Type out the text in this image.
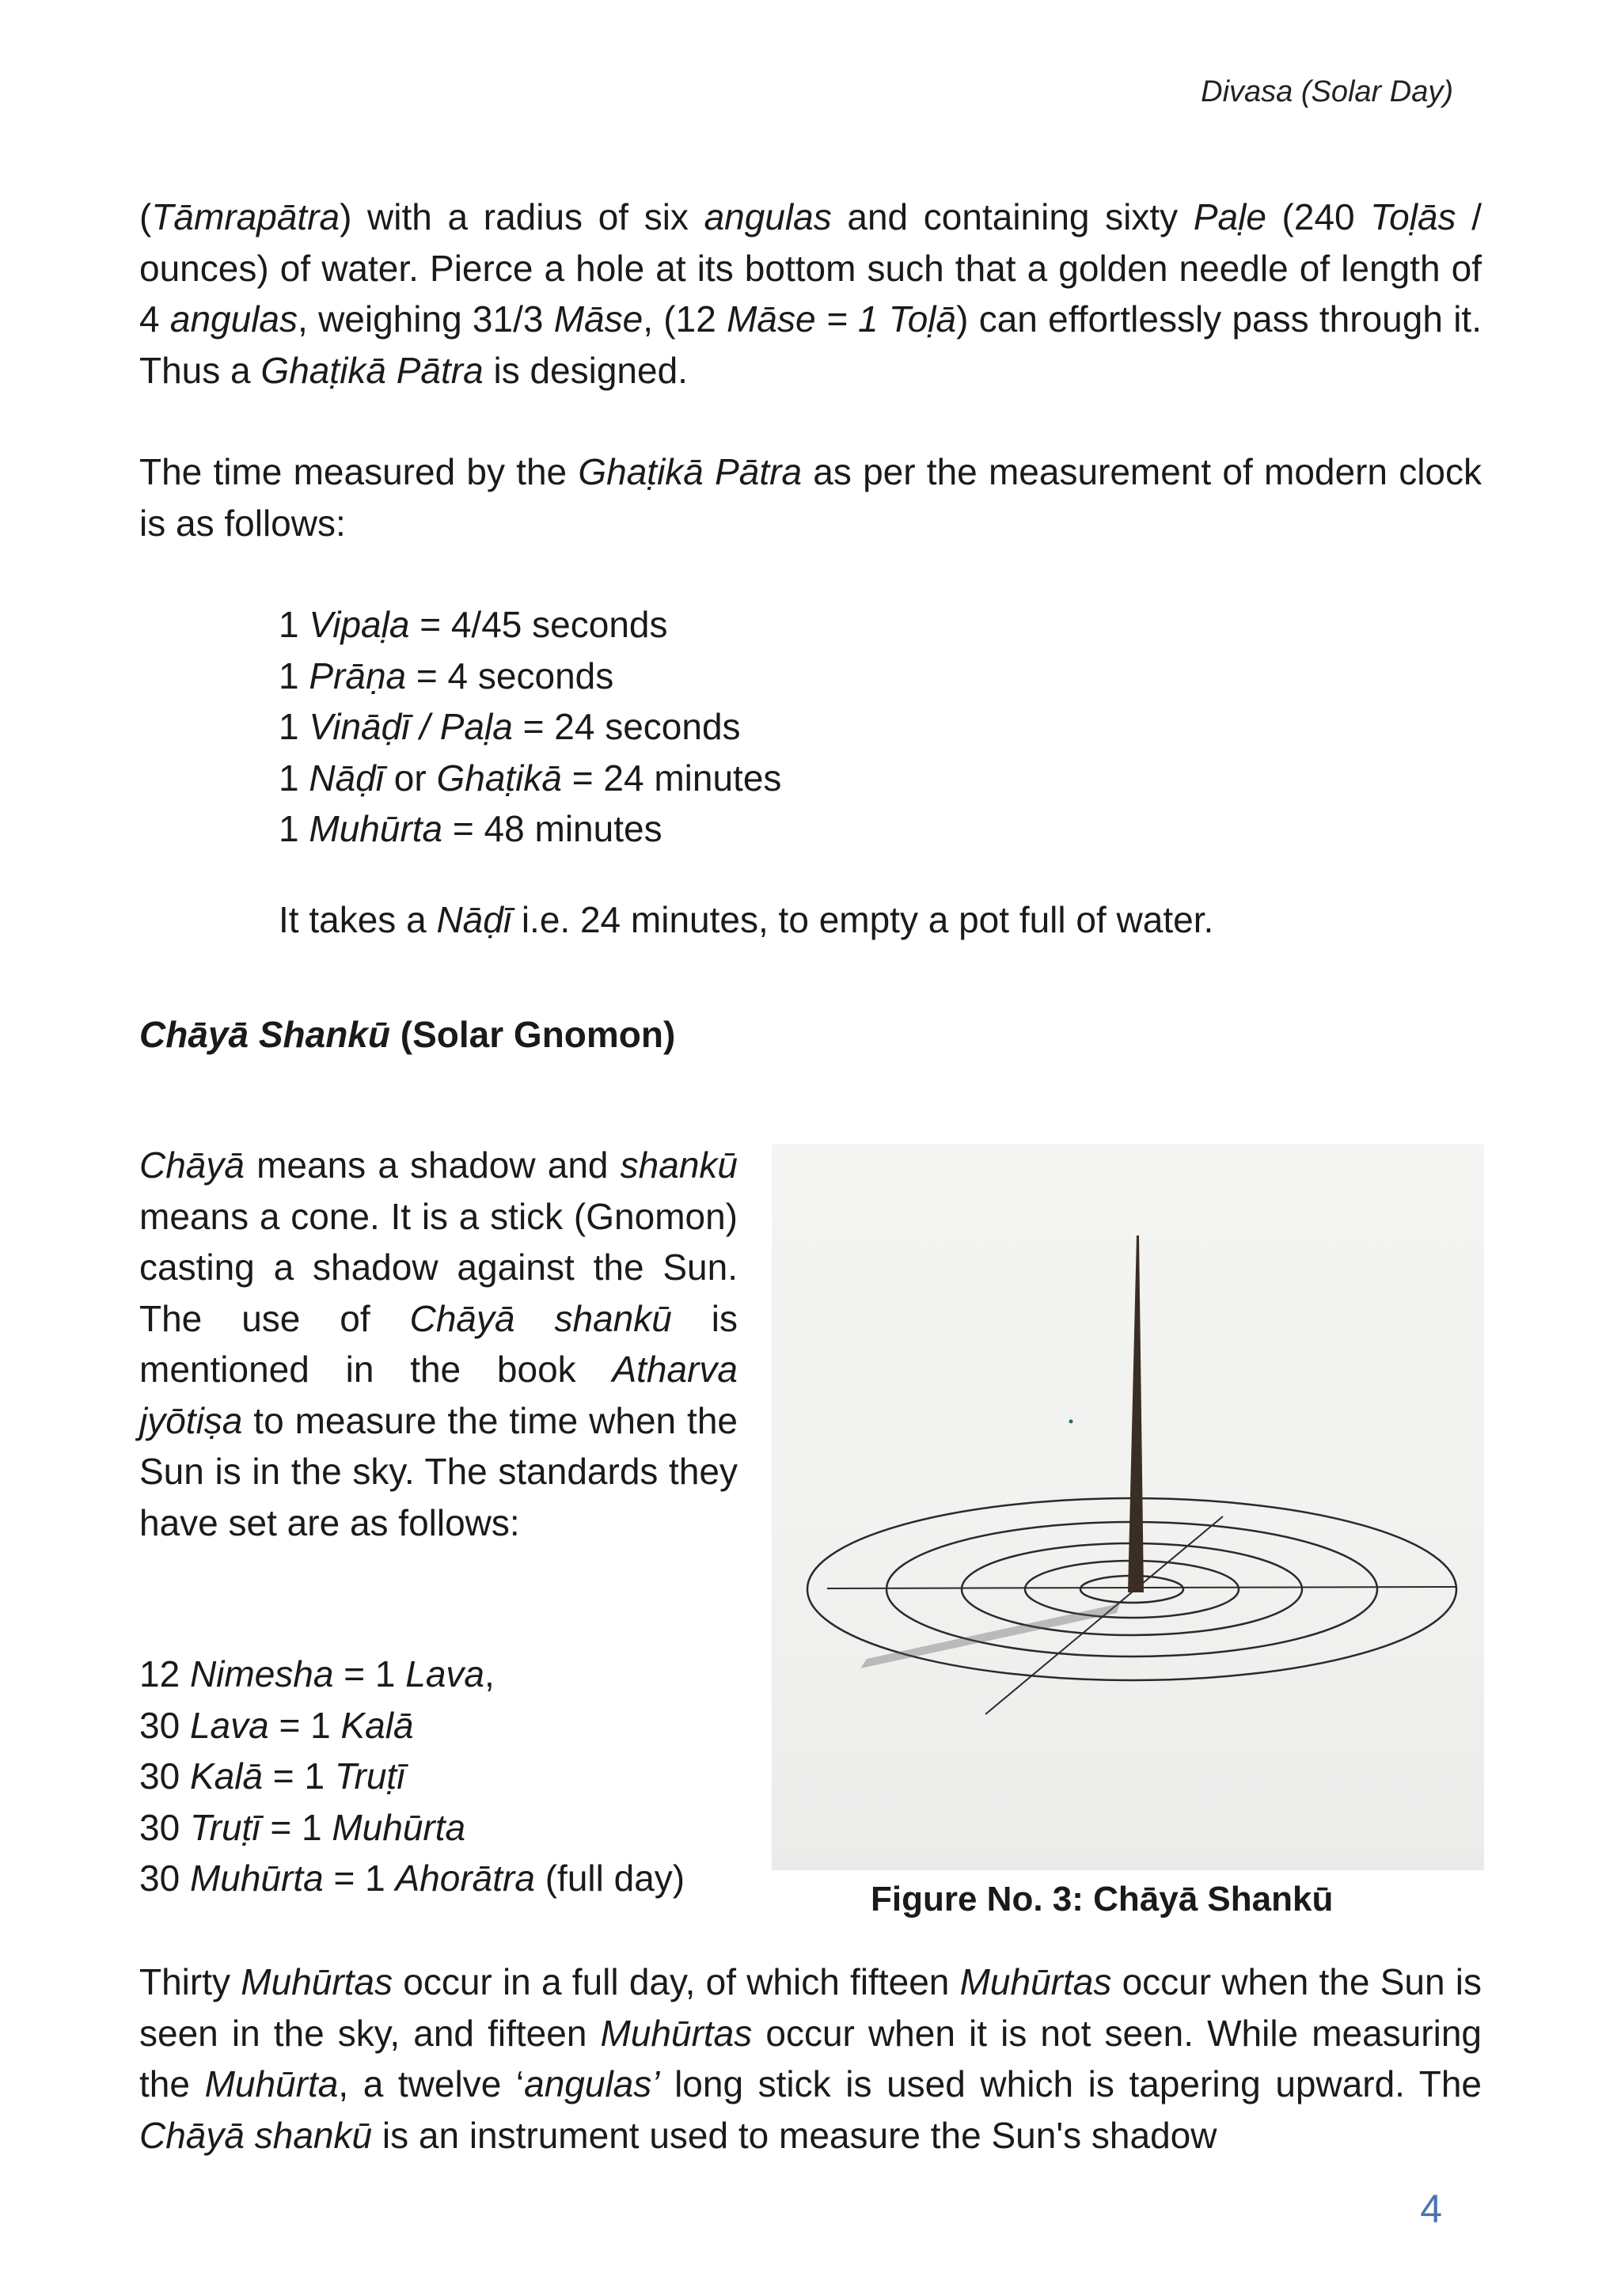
Divasa (Solar Day)

(Tāmrapātra) with a radius of six angulas and containing sixty Paḷe (240 Toḷās / ounces) of water. Pierce a hole at its bottom such that a golden needle of length of 4 angulas, weighing 31/3 Māse, (12 Māse = 1 Toḷā) can effortlessly pass through it. Thus a Ghaṭikā Pātra is designed.

The time measured by the Ghaṭikā Pātra as per the measurement of modern clock is as follows:

1 Vipaḷa = 4/45 seconds
1 Prāṇa = 4 seconds
1 Vināḍī / Paḷa = 24 seconds
1 Nāḍī or Ghaṭikā = 24 minutes
1 Muhūrta = 48 minutes
It takes a Nāḍī i.e. 24 minutes, to empty a pot full of water.
Chāyā Shankū (Solar Gnomon)
Chāyā means a shadow and shankū means a cone. It is a stick (Gnomon) casting a shadow against the Sun. The use of Chāyā shankū is mentioned in the book Atharva jyōtiṣa to measure the time when the Sun is in the sky. The standards they have set are as follows:
12 Nimesha = 1 Lava,
30 Lava = 1 Kalā
30 Kalā = 1 Truṭī
30 Truṭī = 1 Muhūrta
30 Muhūrta = 1 Ahorātra (full day)
Figure No. 3: Chāyā Shankū

Thirty Muhūrtas occur in a full day, of which fifteen Muhūrtas occur when the Sun is seen in the sky, and fifteen Muhūrtas occur when it is not seen. While measuring the Muhūrta, a twelve ‘angulas’ long stick is used which is tapering upward. The Chāyā shankū is an instrument used to measure the Sun's shadow

4
